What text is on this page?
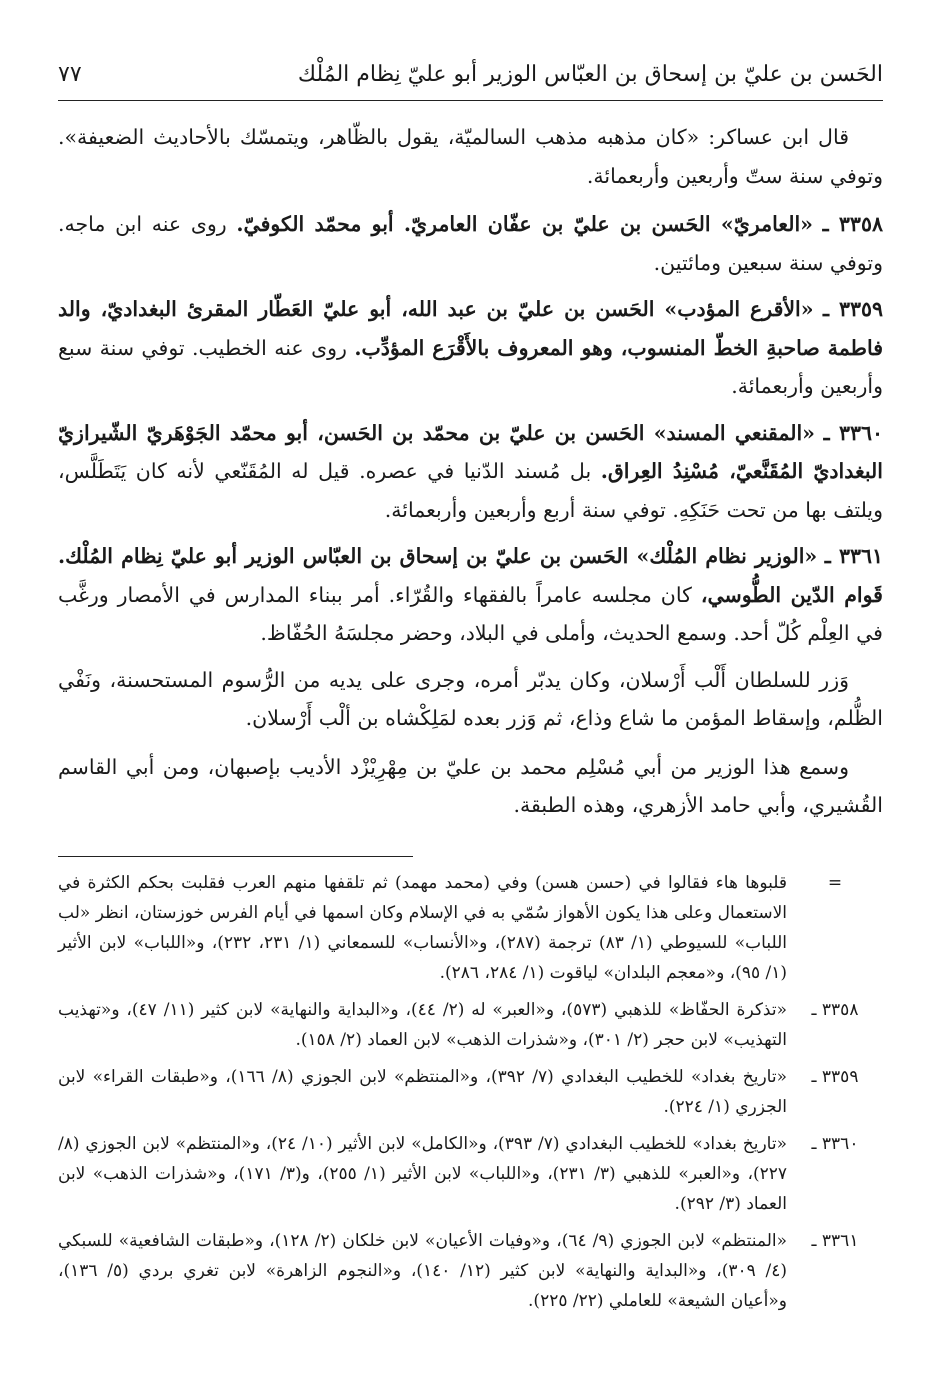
الحَسن بن عليّ بن إسحاق بن العبّاس الوزير أبو عليّ نِظام المُلْك
٧٧

قال ابن عساكر: «كان مذهبه مذهب السالميّة، يقول بالظّاهر، ويتمسّك بالأحاديث الضعيفة». وتوفي سنة ستّ وأربعين وأربعمائة.

٣٣٥٨ ـ «العامريّ» الحَسن بن عليّ بن عفّان العامريّ. أبو محمّد الكوفيّ. روى عنه ابن ماجه. وتوفي سنة سبعين ومائتين.

٣٣٥٩ ـ «الأقرع المؤدب» الحَسن بن عليّ بن عبد الله، أبو عليّ العَطّار المقرئ البغداديّ، والد فاطمة صاحبةِ الخطّ المنسوب، وهو المعروف بالأَقْرَع المؤدِّب. روى عنه الخطيب. توفي سنة سبع وأربعين وأربعمائة.

٣٣٦٠ ـ «المقنعي المسند» الحَسن بن عليّ بن محمّد بن الحَسن، أبو محمّد الجَوْهَريّ الشّيرازيّ البغداديّ المُقَنَّعيّ، مُسْنِدُ العِراق. بل مُسند الدّنيا في عصره. قيل له المُقَنّعي لأنه كان يَتَطَلَّس، ويلتف بها من تحت حَنَكِهِ. توفي سنة أربع وأربعين وأربعمائة.

٣٣٦١ ـ «الوزير نظام المُلْك» الحَسن بن عليّ بن إسحاق بن العبّاس الوزير أبو عليّ نِظام المُلْك. قَوام الدّين الطُّوسي، كان مجلسه عامراً بالفقهاء والقُرّاء. أمر ببناء المدارس في الأمصار ورغَّب في العِلْم كُلّ أحد. وسمع الحديث، وأملى في البلاد، وحضر مجلسَهُ الحُفّاظ.

وَزر للسلطان أَلْب أَرْسلان، وكان يدبّر أمره، وجرى على يديه من الرُّسوم المستحسنة، ونَفْي الظُّلم، وإسقاط المؤمن ما شاع وذاع، ثم وَزر بعده لمَلِكْشاه بن ألْب أَرْسلان.

وسمع هذا الوزير من أبي مُسْلِم محمد بن عليّ بن مِهْرِيْزْد الأديب بإصبهان، ومن أبي القاسم القُشيري، وأبي حامد الأزهري، وهذه الطبقة.

=
قلبوها هاء فقالوا في (حسن هسن) وفي (محمد مهمد) ثم تلقفها منهم العرب فقلبت بحكم الكثرة في الاستعمال وعلى هذا يكون الأهواز سُمّي به في الإسلام وكان اسمها في أيام الفرس خوزستان، انظر «لب اللباب» للسيوطي (١/ ٨٣) ترجمة (٢٨٧)، و«الأنساب» للسمعاني (١/ ٢٣١، ٢٣٢)، و«اللباب» لابن الأثير (١/ ٩٥)، و«معجم البلدان» لياقوت (١/ ٢٨٤، ٢٨٦).
٣٣٥٨ ـ
«تذكرة الحفّاظ» للذهبي (٥٧٣)، و«العبر» له (٢/ ٤٤)، و«البداية والنهاية» لابن كثير (١١/ ٤٧)، و«تهذيب التهذيب» لابن حجر (٢/ ٣٠١)، و«شذرات الذهب» لابن العماد (٢/ ١٥٨).
٣٣٥٩ ـ
«تاريخ بغداد» للخطيب البغدادي (٧/ ٣٩٢)، و«المنتظم» لابن الجوزي (٨/ ١٦٦)، و«طبقات القراء» لابن الجزري (١/ ٢٢٤).
٣٣٦٠ ـ
«تاريخ بغداد» للخطيب البغدادي (٧/ ٣٩٣)، و«الكامل» لابن الأثير (١٠/ ٢٤)، و«المنتظم» لابن الجوزي (٨/ ٢٢٧)، و«العبر» للذهبي (٣/ ٢٣١)، و«اللباب» لابن الأثير (١/ ٢٥٥)، و(٣/ ١٧١)، و«شذرات الذهب» لابن العماد (٣/ ٢٩٢).
٣٣٦١ ـ
«المنتظم» لابن الجوزي (٩/ ٦٤)، و«وفيات الأعيان» لابن خلكان (٢/ ١٢٨)، و«طبقات الشافعية» للسبكي (٤/ ٣٠٩)، و«البداية والنهاية» لابن كثير (١٢/ ١٤٠)، و«النجوم الزاهرة» لابن تغري بردي (٥/ ١٣٦)، و«أعيان الشيعة» للعاملي (٢٢/ ٢٢٥).
